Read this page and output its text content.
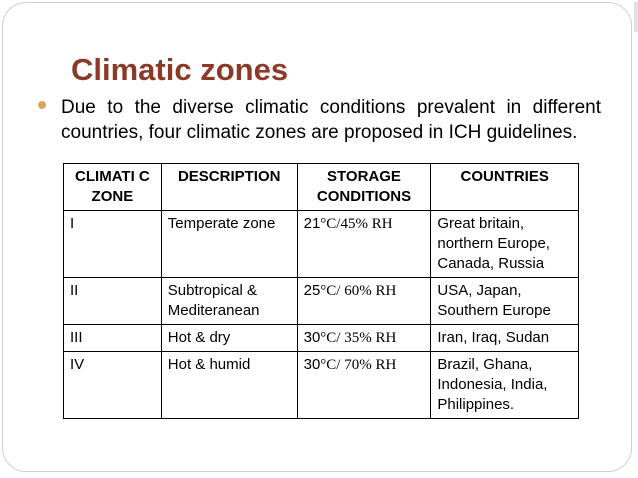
Climatic zones
Due to the diverse climatic conditions prevalent in different countries, four climatic zones are proposed in ICH guidelines.
CLIMATI C ZONE	DESCRIPTION	STORAGE CONDITIONS	COUNTRIES
I	Temperate zone	21°C/45% RH	Great britain, northern Europe, Canada, Russia
II	Subtropical & Mediteranean	25°C/ 60% RH	USA, Japan, Southern Europe
III	Hot & dry	30°C/ 35% RH	Iran, Iraq, Sudan
IV	Hot & humid	30°C/ 70% RH	Brazil, Ghana, Indonesia, India, Philippines.
